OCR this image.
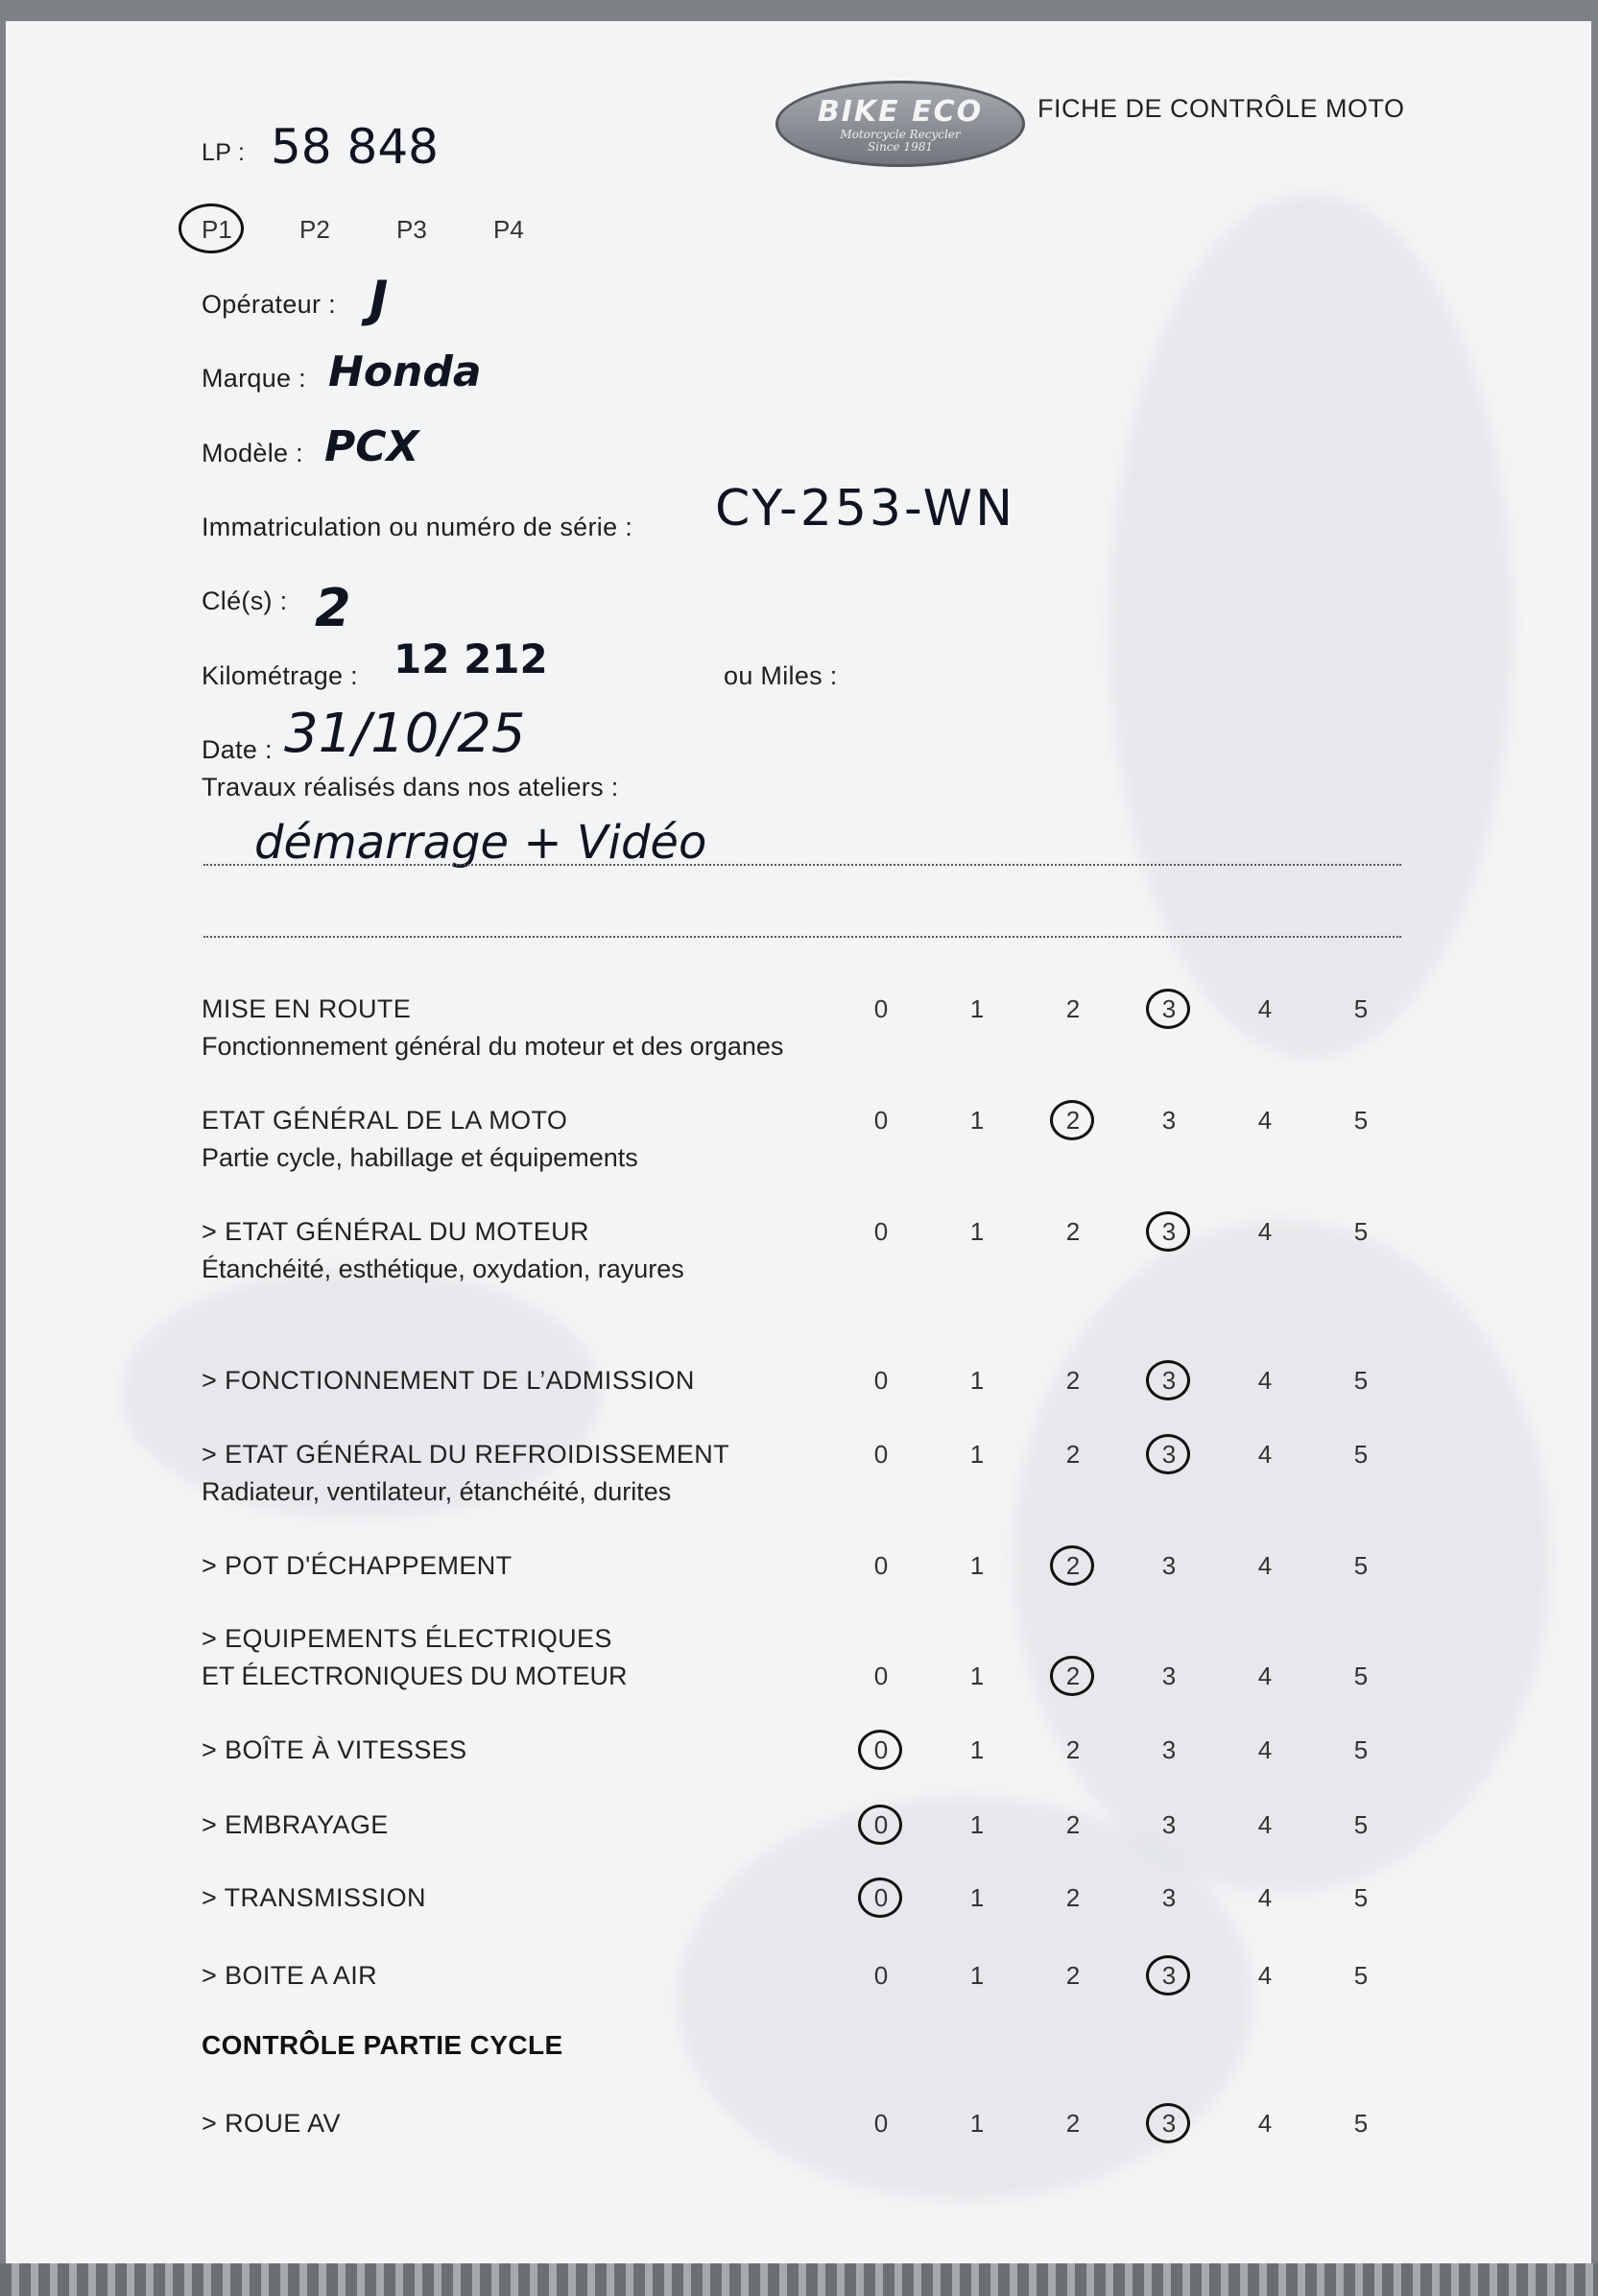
BIKE ECO
Motorcycle Recycler
Since 1981
FICHE DE CONTRÔLE MOTO
LP : 58 848
P1	P2	P3	P4
Opérateur : J
Marque : Honda
Modèle : PCX
Immatriculation ou numéro de série : CY-253-WN
Clé(s) : 2
Kilométrage : 12 212	ou Miles :
Date : 31/10/25
Travaux réalisés dans nos ateliers :
démarrage + Vidéo
MISE EN ROUTE
Fonctionnement général du moteur et des organes
0	1	2	3	4	5
ETAT GÉNÉRAL DE LA MOTO
Partie cycle, habillage et équipements
0	1	2	3	4	5
> ETAT GÉNÉRAL DU MOTEUR
Étanchéité, esthétique, oxydation, rayures
0	1	2	3	4	5
> FONCTIONNEMENT DE L’ADMISSION	0	1	2	3	4	5
> ETAT GÉNÉRAL DU REFROIDISSEMENT
Radiateur, ventilateur, étanchéité, durites
0	1	2	3	4	5
> POT D'ÉCHAPPEMENT	0	1	2	3	4	5
> EQUIPEMENTS ÉLECTRIQUES
ET ÉLECTRONIQUES DU MOTEUR	0	1	2	3	4	5
> BOÎTE À VITESSES	0	1	2	3	4	5
> EMBRAYAGE	0	1	2	3	4	5
> TRANSMISSION	0	1	2	3	4	5
> BOITE A AIR	0	1	2	3	4	5
CONTRÔLE PARTIE CYCLE
> ROUE AV	0	1	2	3	4	5
